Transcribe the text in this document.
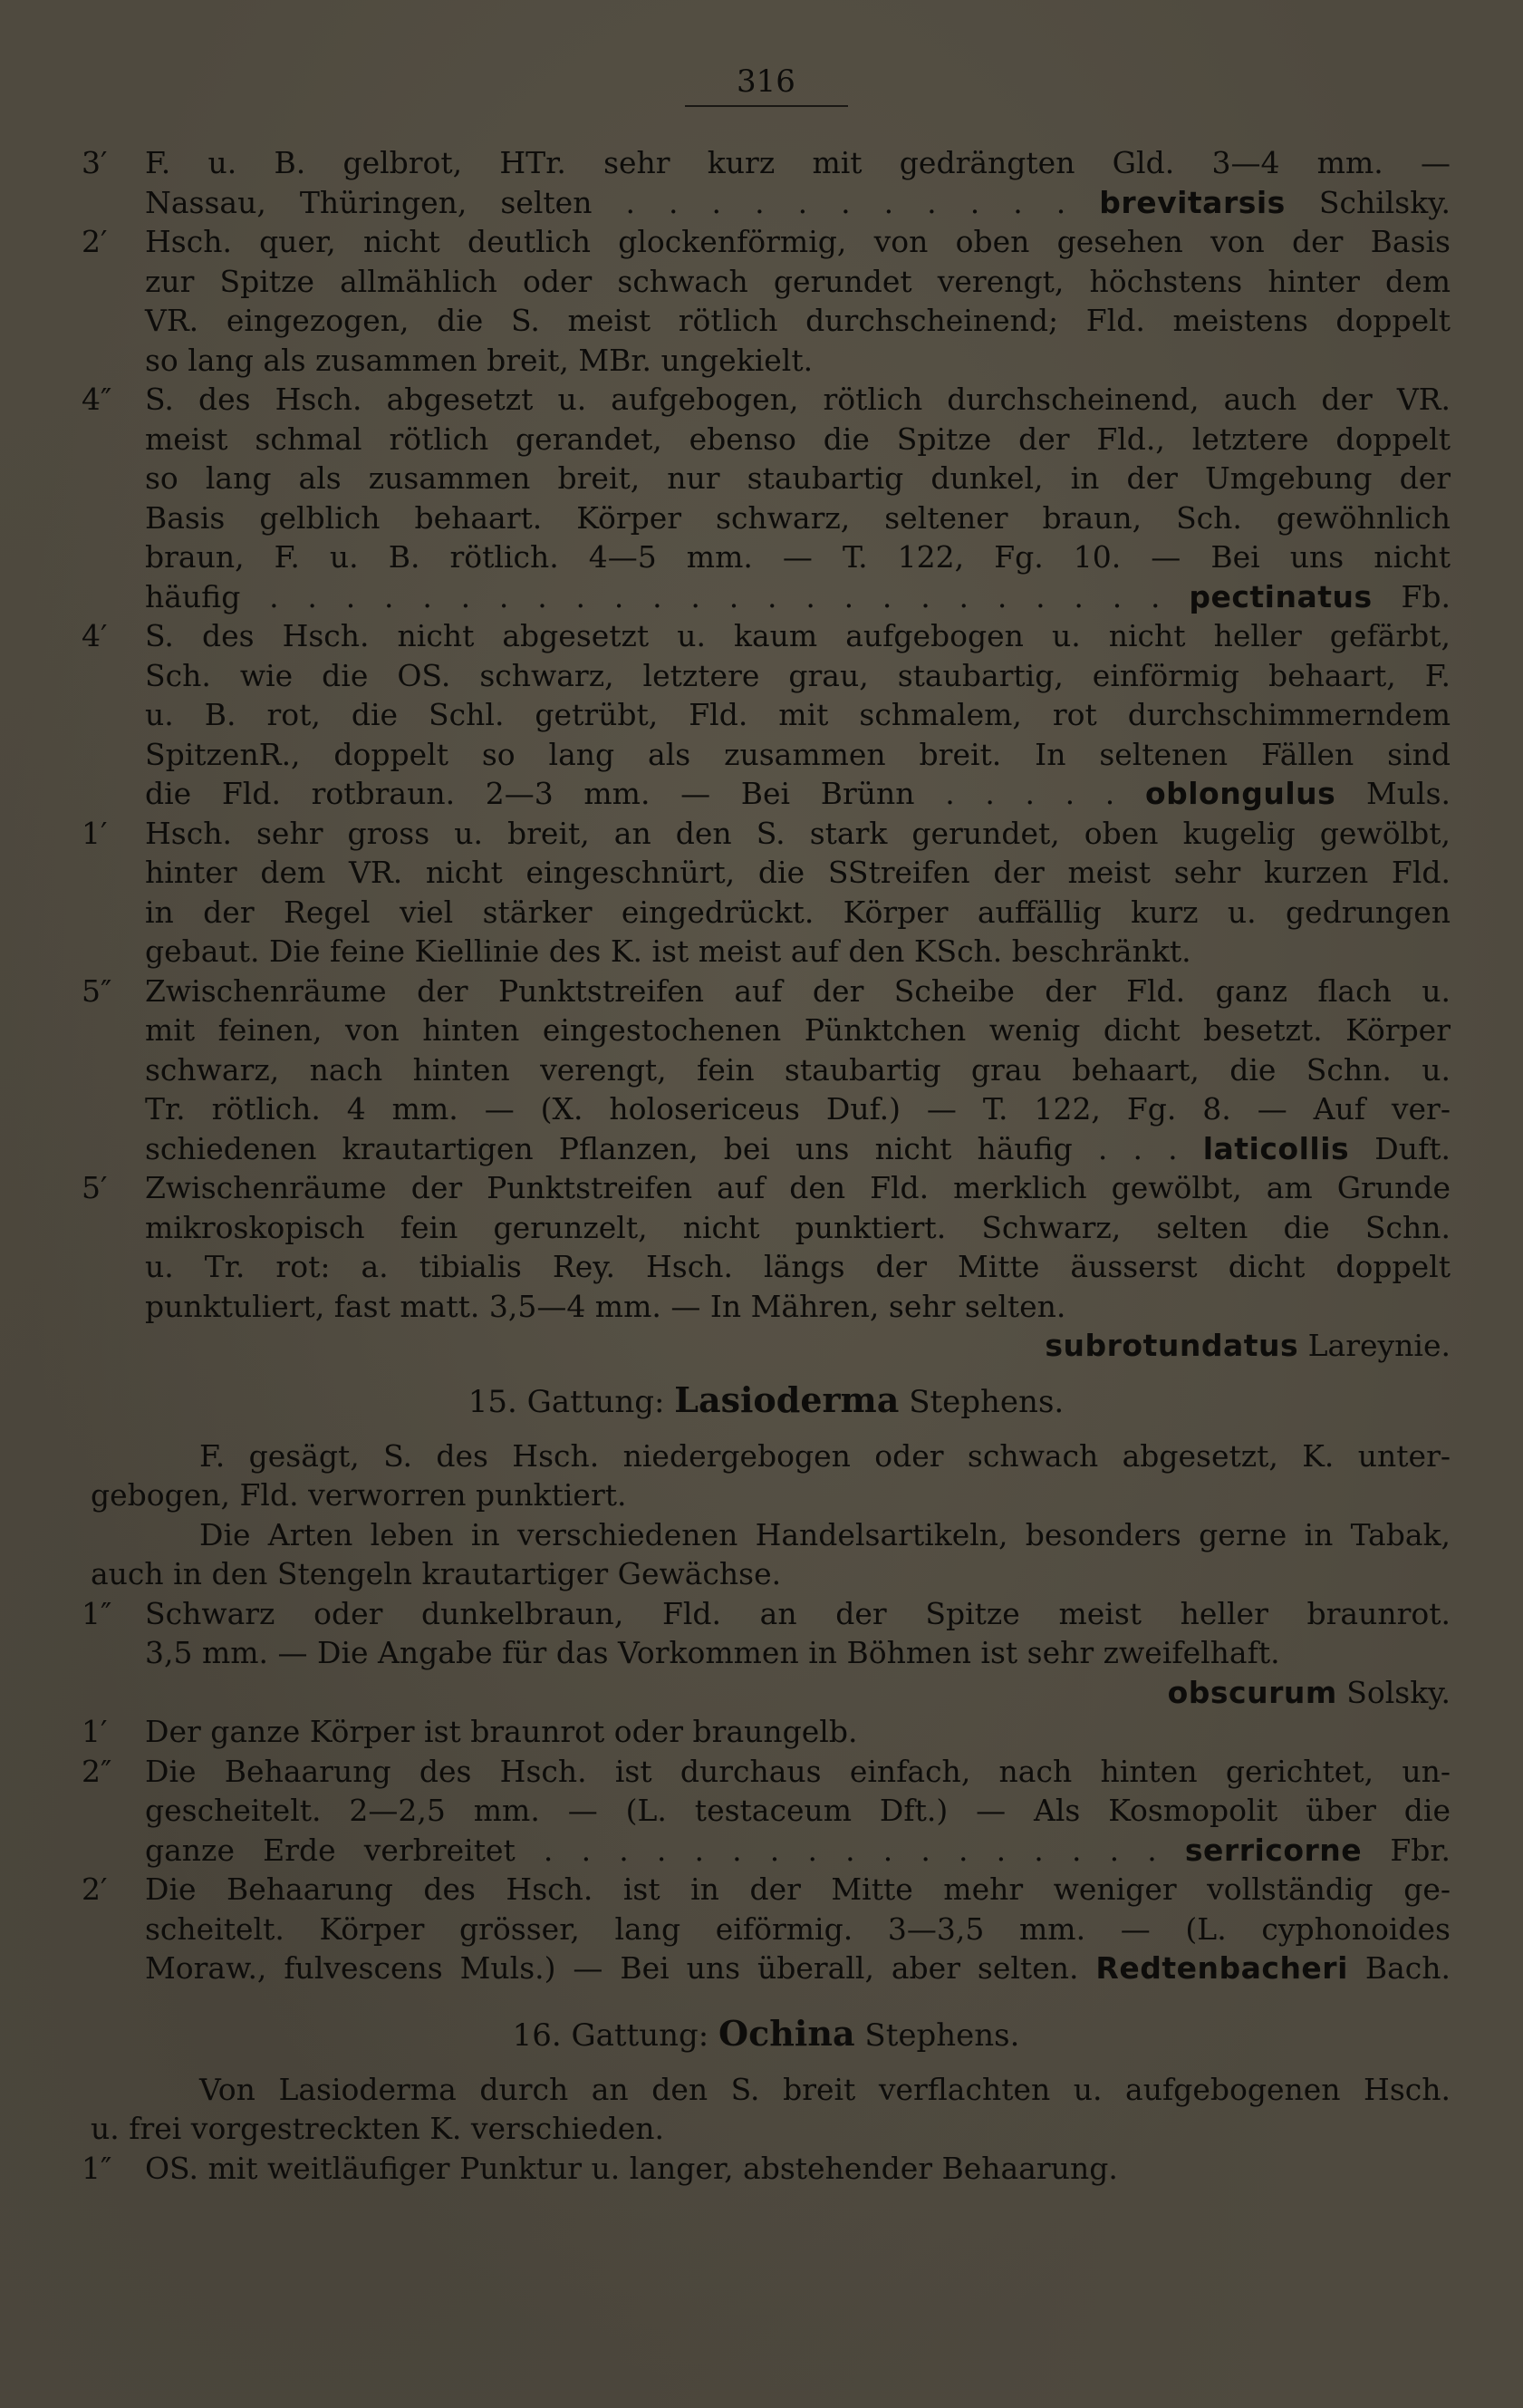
316
3′	F. u. B. gelbrot, HTr. sehr kurz mit gedrängten Gld. 3—4 mm. —
Nassau, Thüringen, selten . . . . . . . . . . . brevitarsis Schilsky.
2′	Hsch. quer, nicht deutlich glockenförmig, von oben gesehen von der Basis
zur Spitze allmählich oder schwach gerundet verengt, höchstens hinter dem
VR. eingezogen, die S. meist rötlich durchscheinend; Fld. meistens doppelt
so lang als zusammen breit, MBr. ungekielt.
4″	S. des Hsch. abgesetzt u. aufgebogen, rötlich durchscheinend, auch der VR.
meist schmal rötlich gerandet, ebenso die Spitze der Fld., letztere doppelt
so lang als zusammen breit, nur staubartig dunkel, in der Umgebung der
Basis gelblich behaart. Körper schwarz, seltener braun, Sch. gewöhnlich
braun, F. u. B. rötlich. 4—5 mm. — T. 122, Fg. 10. — Bei uns nicht
häufig . . . . . . . . . . . . . . . . . . . . . . . . pectinatus Fb.
4′	S. des Hsch. nicht abgesetzt u. kaum aufgebogen u. nicht heller gefärbt,
Sch. wie die OS. schwarz, letztere grau, staubartig, einförmig behaart, F.
u. B. rot, die Schl. getrübt, Fld. mit schmalem, rot durchschimmerndem
SpitzenR., doppelt so lang als zusammen breit. In seltenen Fällen sind
die Fld. rotbraun. 2—3 mm. — Bei Brünn . . . . . oblongulus Muls.
1′	Hsch. sehr gross u. breit, an den S. stark gerundet, oben kugelig gewölbt,
hinter dem VR. nicht eingeschnürt, die SStreifen der meist sehr kurzen Fld.
in der Regel viel stärker eingedrückt. Körper auffällig kurz u. gedrungen
gebaut. Die feine Kiellinie des K. ist meist auf den KSch. beschränkt.
5″	Zwischenräume der Punktstreifen auf der Scheibe der Fld. ganz flach u.
mit feinen, von hinten eingestochenen Pünktchen wenig dicht besetzt. Körper
schwarz, nach hinten verengt, fein staubartig grau behaart, die Schn. u.
Tr. rötlich. 4 mm. — (X. holosericeus Duf.) — T. 122, Fg. 8. — Auf ver-
schiedenen krautartigen Pflanzen, bei uns nicht häufig . . . laticollis Duft.
5′	Zwischenräume der Punktstreifen auf den Fld. merklich gewölbt, am Grunde
mikroskopisch fein gerunzelt, nicht punktiert. Schwarz, selten die Schn.
u. Tr. rot: a. tibialis Rey. Hsch. längs der Mitte äusserst dicht doppelt
punktuliert, fast matt. 3,5—4 mm. — In Mähren, sehr selten.
subrotundatus Lareynie.
15. Gattung: Lasioderma Stephens.
F. gesägt, S. des Hsch. niedergebogen oder schwach abgesetzt, K. unter-
gebogen, Fld. verworren punktiert.
Die Arten leben in verschiedenen Handelsartikeln, besonders gerne in Tabak,
auch in den Stengeln krautartiger Gewächse.
1″	Schwarz oder dunkelbraun, Fld. an der Spitze meist heller braunrot.
3,5 mm. — Die Angabe für das Vorkommen in Böhmen ist sehr zweifelhaft.
obscurum Solsky.
1′	Der ganze Körper ist braunrot oder braungelb.
2″	Die Behaarung des Hsch. ist durchaus einfach, nach hinten gerichtet, un-
gescheitelt. 2—2,5 mm. — (L. testaceum Dft.) — Als Kosmopolit über die
ganze Erde verbreitet . . . . . . . . . . . . . . . . . serricorne Fbr.
2′	Die Behaarung des Hsch. ist in der Mitte mehr weniger vollständig ge-
scheitelt. Körper grösser, lang eiförmig. 3—3,5 mm. — (L. cyphonoides
Moraw., fulvescens Muls.) — Bei uns überall, aber selten. Redtenbacheri Bach.
16. Gattung: Ochina Stephens.
Von Lasioderma durch an den S. breit verflachten u. aufgebogenen Hsch.
u. frei vorgestreckten K. verschieden.
1″	OS. mit weitläufiger Punktur u. langer, abstehender Behaarung.
